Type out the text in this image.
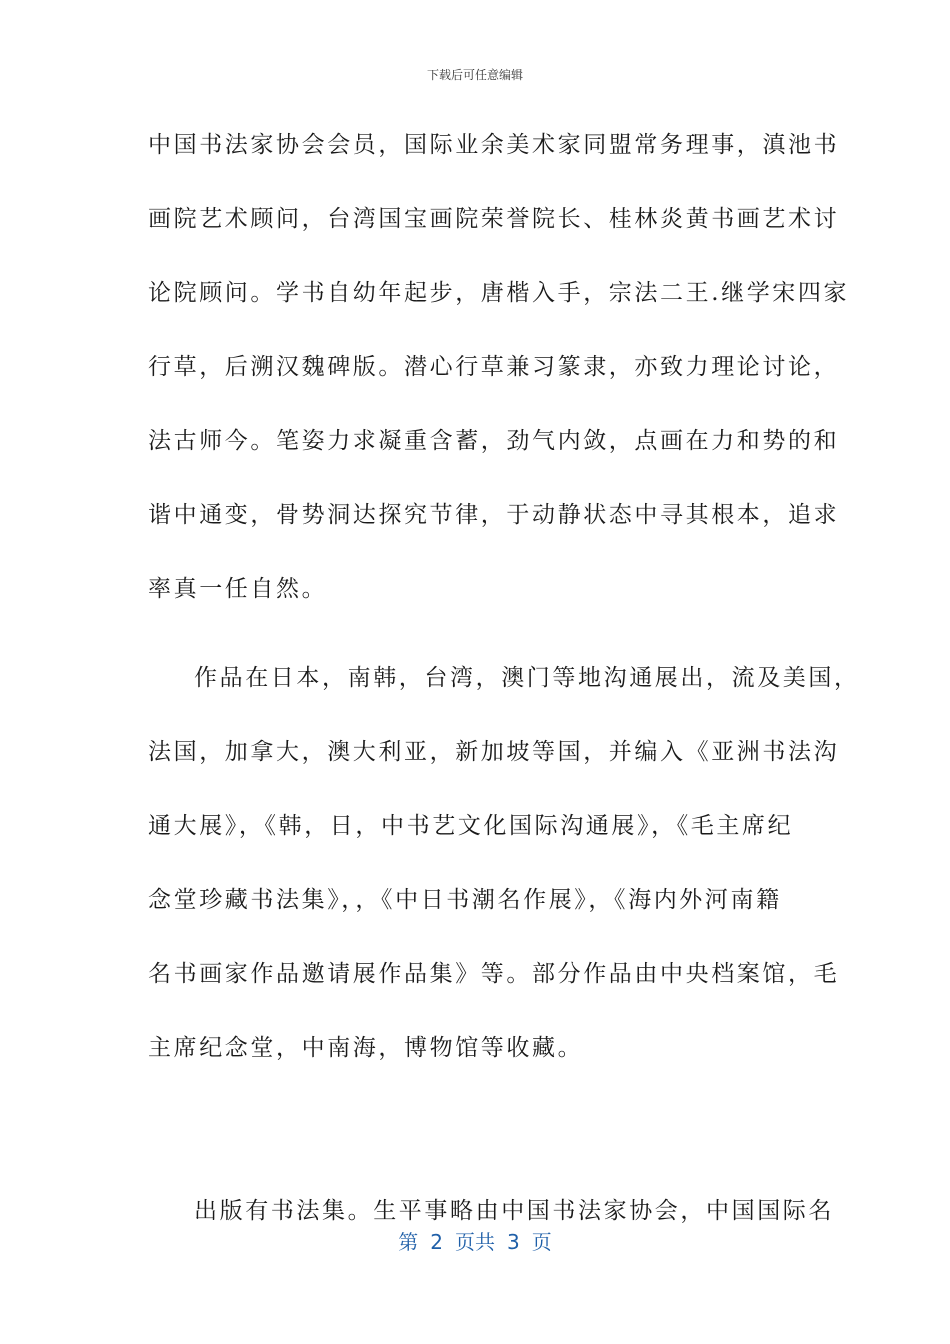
下载后可任意编辑
中国书法家协会会员，国际业余美术家同盟常务理事，滇池书
画院艺术顾问，台湾国宝画院荣誉院长、桂林炎黄书画艺术讨
论院顾问。学书自幼年起步，唐楷入手，宗法二王.继学宋四家
行草，后溯汉魏碑版。潜心行草兼习篆隶，亦致力理论讨论，
法古师今。笔姿力求凝重含蓄，劲气内敛，点画在力和势的和
谐中通变，骨势洞达探究节律，于动静状态中寻其根本，追求
率真一任自然。
作品在日本，南韩，台湾，澳门等地沟通展出，流及美国，
法国，加拿大，澳大利亚，新加坡等国，并编入《亚洲书法沟
通大展》，《韩，日，中书艺文化国际沟通展》，《毛主席纪
念堂珍藏书法集》，，《中日书潮名作展》，《海内外河南籍
名书画家作品邀请展作品集》等。部分作品由中央档案馆，毛
主席纪念堂，中南海，博物馆等收藏。
出版有书法集。生平事略由中国书法家协会，中国国际名
第 2 页共 3 页
